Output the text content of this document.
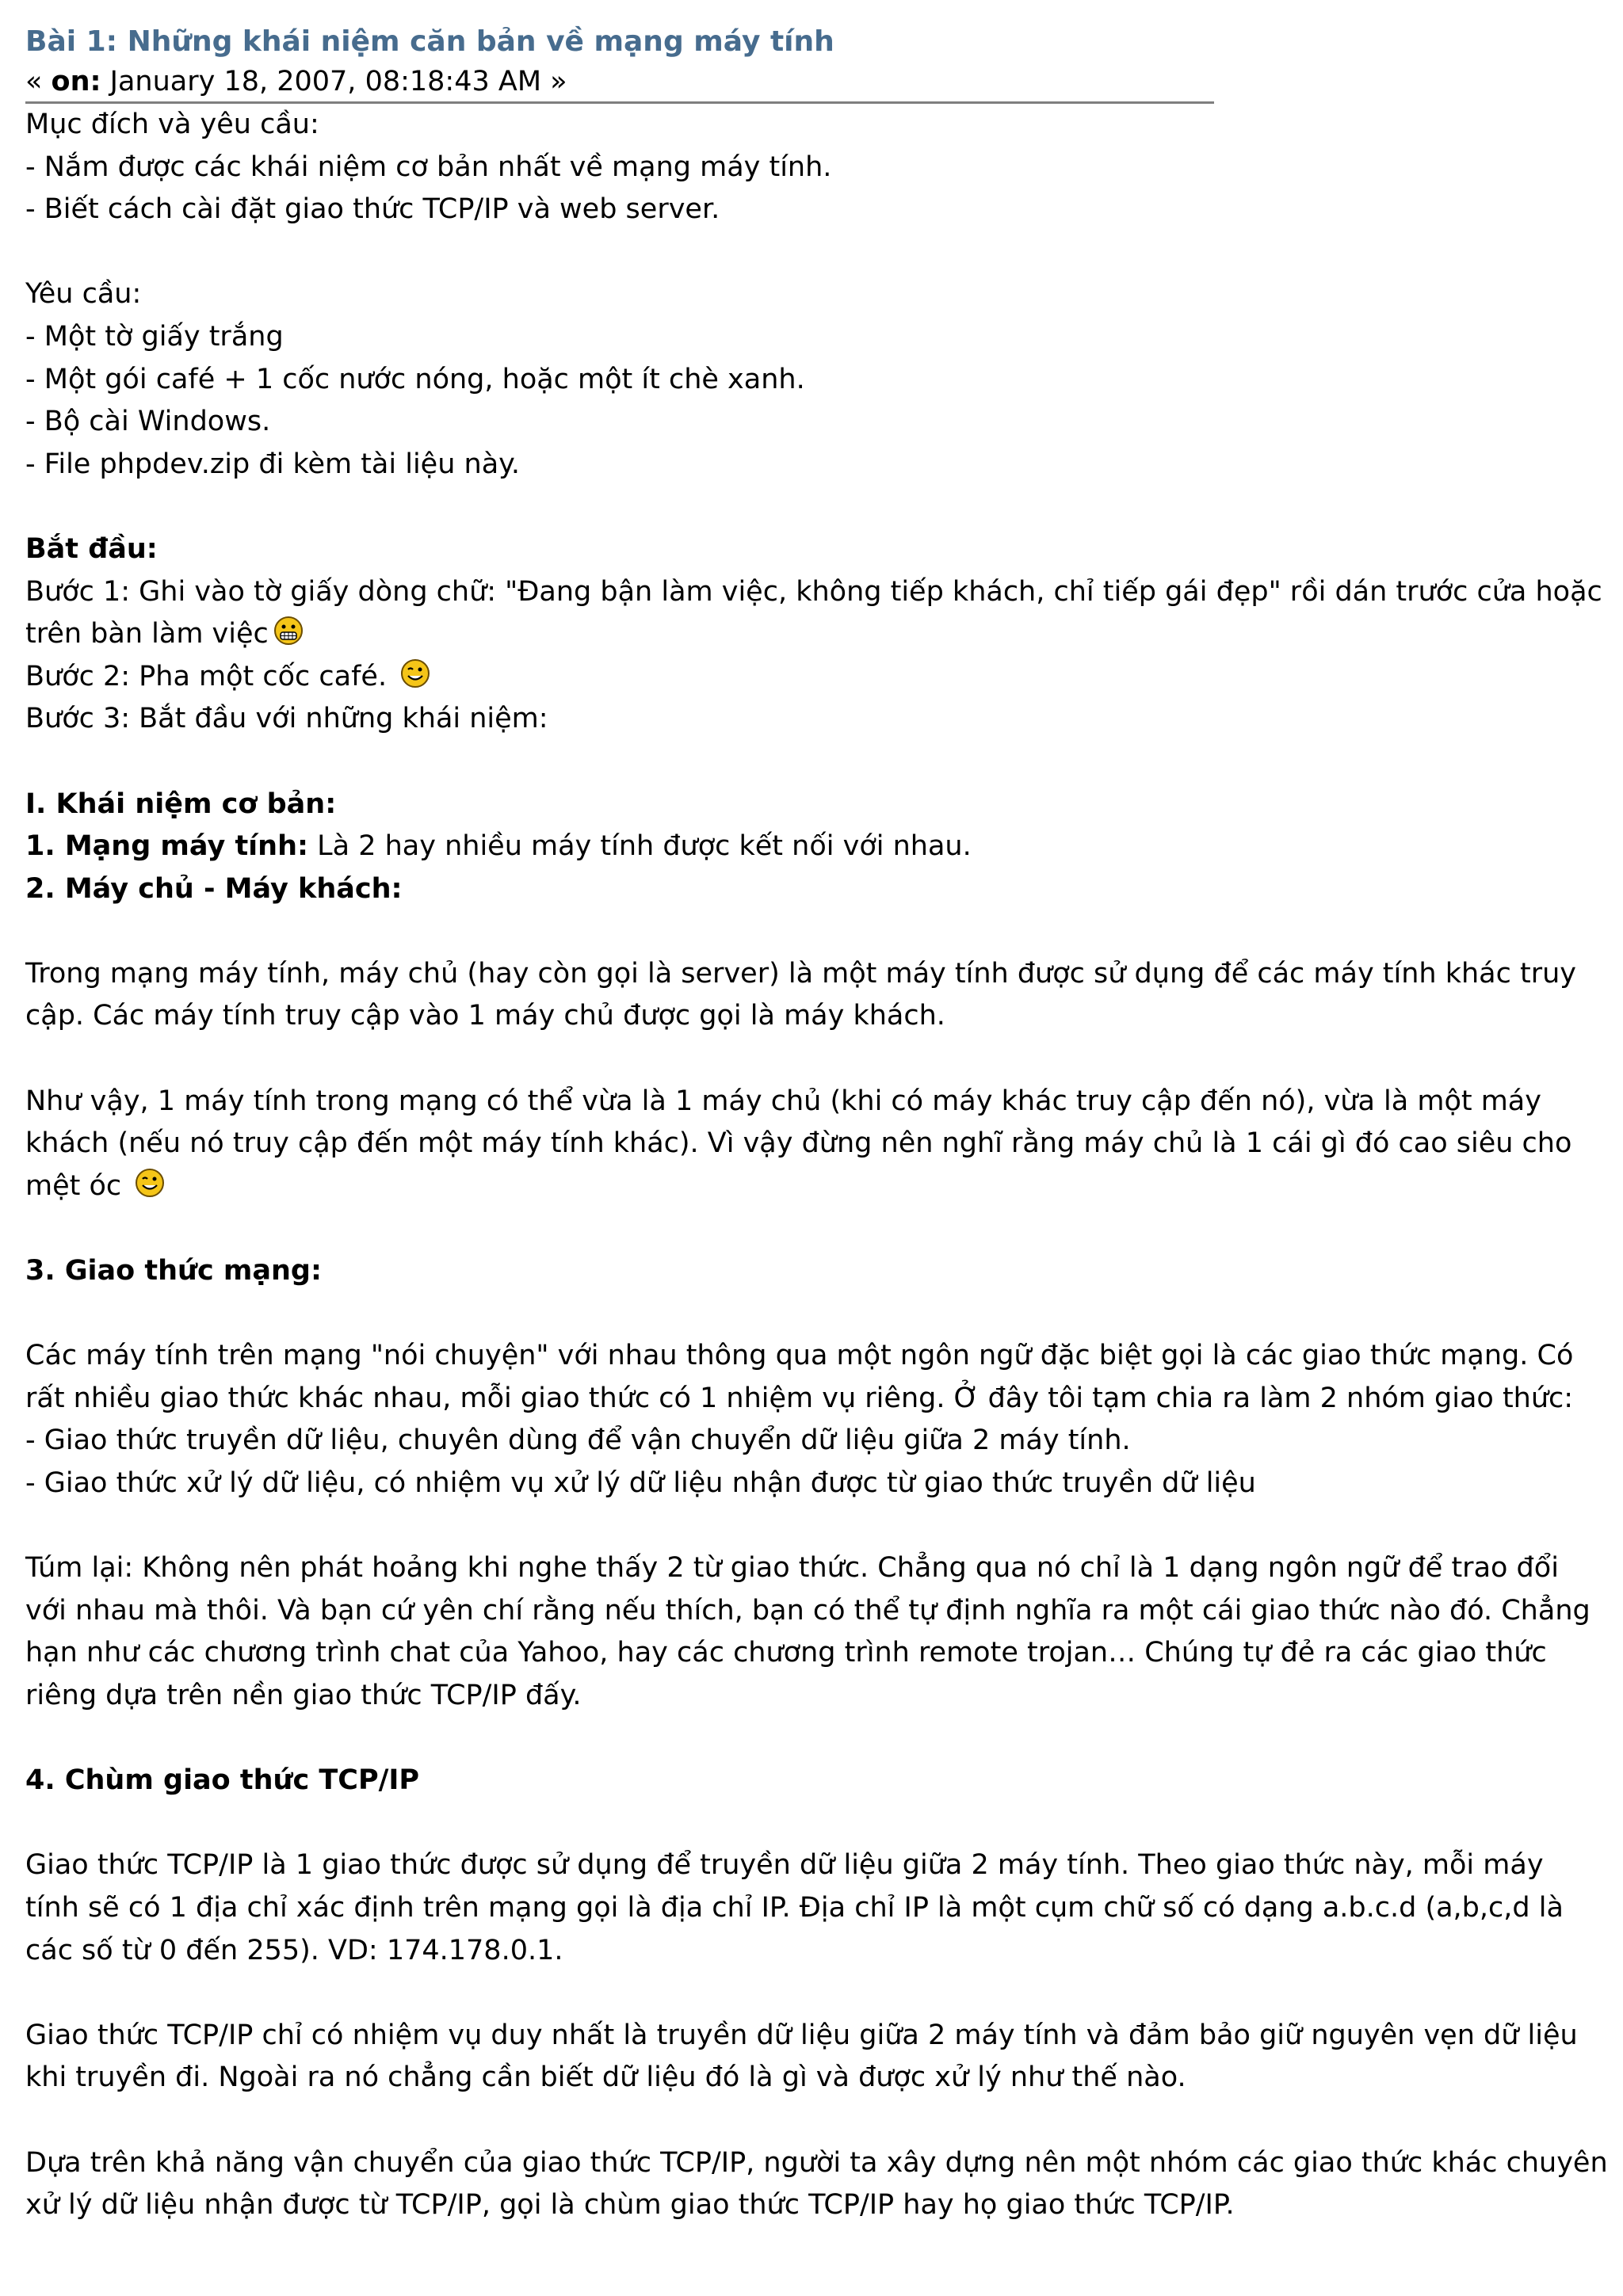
Bài 1: Những khái niệm căn bản về mạng máy tính
« on: January 18, 2007, 08:18:43 AM »
Mục đích và yêu cầu:
- Nắm được các khái niệm cơ bản nhất về mạng máy tính.
- Biết cách cài đặt giao thức TCP/IP và web server.
Yêu cầu:
- Một tờ giấy trắng
- Một gói café + 1 cốc nước nóng, hoặc một ít chè xanh.
- Bộ cài Windows.
- File phpdev.zip đi kèm tài liệu này.
Bắt đầu:
Bước 1: Ghi vào tờ giấy dòng chữ: "Đang bận làm việc, không tiếp khách, chỉ tiếp gái đẹp" rồi dán trước cửa hoặc
trên bàn làm việc
Bước 2: Pha một cốc café.
Bước 3: Bắt đầu với những khái niệm:
I. Khái niệm cơ bản:
1. Mạng máy tính: Là 2 hay nhiều máy tính được kết nối với nhau.
2. Máy chủ - Máy khách:
Trong mạng máy tính, máy chủ (hay còn gọi là server) là một máy tính được sử dụng để các máy tính khác truy
cập. Các máy tính truy cập vào 1 máy chủ được gọi là máy khách.
Như vậy, 1 máy tính trong mạng có thể vừa là 1 máy chủ (khi có máy khác truy cập đến nó), vừa là một máy
khách (nếu nó truy cập đến một máy tính khác). Vì vậy đừng nên nghĩ rằng máy chủ là 1 cái gì đó cao siêu cho
mệt óc
3. Giao thức mạng:
Các máy tính trên mạng "nói chuyện" với nhau thông qua một ngôn ngữ đặc biệt gọi là các giao thức mạng. Có
rất nhiều giao thức khác nhau, mỗi giao thức có 1 nhiệm vụ riêng. Ở đây tôi tạm chia ra làm 2 nhóm giao thức:
- Giao thức truyền dữ liệu, chuyên dùng để vận chuyển dữ liệu giữa 2 máy tính.
- Giao thức xử lý dữ liệu, có nhiệm vụ xử lý dữ liệu nhận được từ giao thức truyền dữ liệu
Túm lại: Không nên phát hoảng khi nghe thấy 2 từ giao thức. Chẳng qua nó chỉ là 1 dạng ngôn ngữ để trao đổi
với nhau mà thôi. Và bạn cứ yên chí rằng nếu thích, bạn có thể tự định nghĩa ra một cái giao thức nào đó. Chẳng
hạn như các chương trình chat của Yahoo, hay các chương trình remote trojan… Chúng tự đẻ ra các giao thức
riêng dựa trên nền giao thức TCP/IP đấy.
4. Chùm giao thức TCP/IP
Giao thức TCP/IP là 1 giao thức được sử dụng để truyền dữ liệu giữa 2 máy tính. Theo giao thức này, mỗi máy
tính sẽ có 1 địa chỉ xác định trên mạng gọi là địa chỉ IP. Địa chỉ IP là một cụm chữ số có dạng a.b.c.d (a,b,c,d là
các số từ 0 đến 255). VD: 174.178.0.1.
Giao thức TCP/IP chỉ có nhiệm vụ duy nhất là truyền dữ liệu giữa 2 máy tính và đảm bảo giữ nguyên vẹn dữ liệu
khi truyền đi. Ngoài ra nó chẳng cần biết dữ liệu đó là gì và được xử lý như thế nào.
Dựa trên khả năng vận chuyển của giao thức TCP/IP, người ta xây dựng nên một nhóm các giao thức khác chuyên
xử lý dữ liệu nhận được từ TCP/IP, gọi là chùm giao thức TCP/IP hay họ giao thức TCP/IP.
